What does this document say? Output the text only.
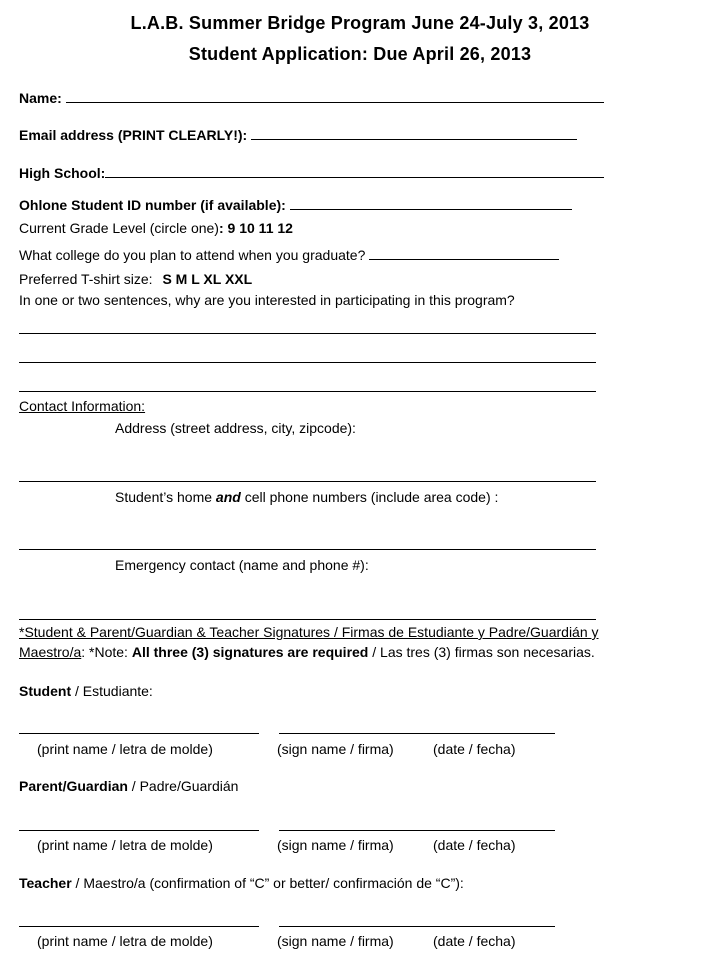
L.A.B. Summer Bridge Program June 24-July 3, 2013
Student Application: Due April 26, 2013
Name:
Email address (PRINT CLEARLY!):
High School:
Ohlone Student ID number (if available):
Current Grade Level (circle one): 9 10 11 12
What college do you plan to attend when you graduate?
Preferred T-shirt size: S M L XL XXL
In one or two sentences, why are you interested in participating in this program?
Contact Information:
Address (street address, city, zipcode):
Student’s home and cell phone numbers (include area code) :
Emergency contact (name and phone #):
*Student & Parent/Guardian & Teacher Signatures / Firmas de Estudiante y Padre/Guardián y
Maestro/a: *Note: All three (3) signatures are required / Las tres (3) firmas son necesarias.
Student / Estudiante:
(print name / letra de molde)	(sign name / firma)	(date / fecha)
Parent/Guardian / Padre/Guardián
(print name / letra de molde)	(sign name / firma)	(date / fecha)
Teacher / Maestro/a (confirmation of “C” or better/ confirmación de “C”):
(print name / letra de molde)	(sign name / firma)	(date / fecha)
